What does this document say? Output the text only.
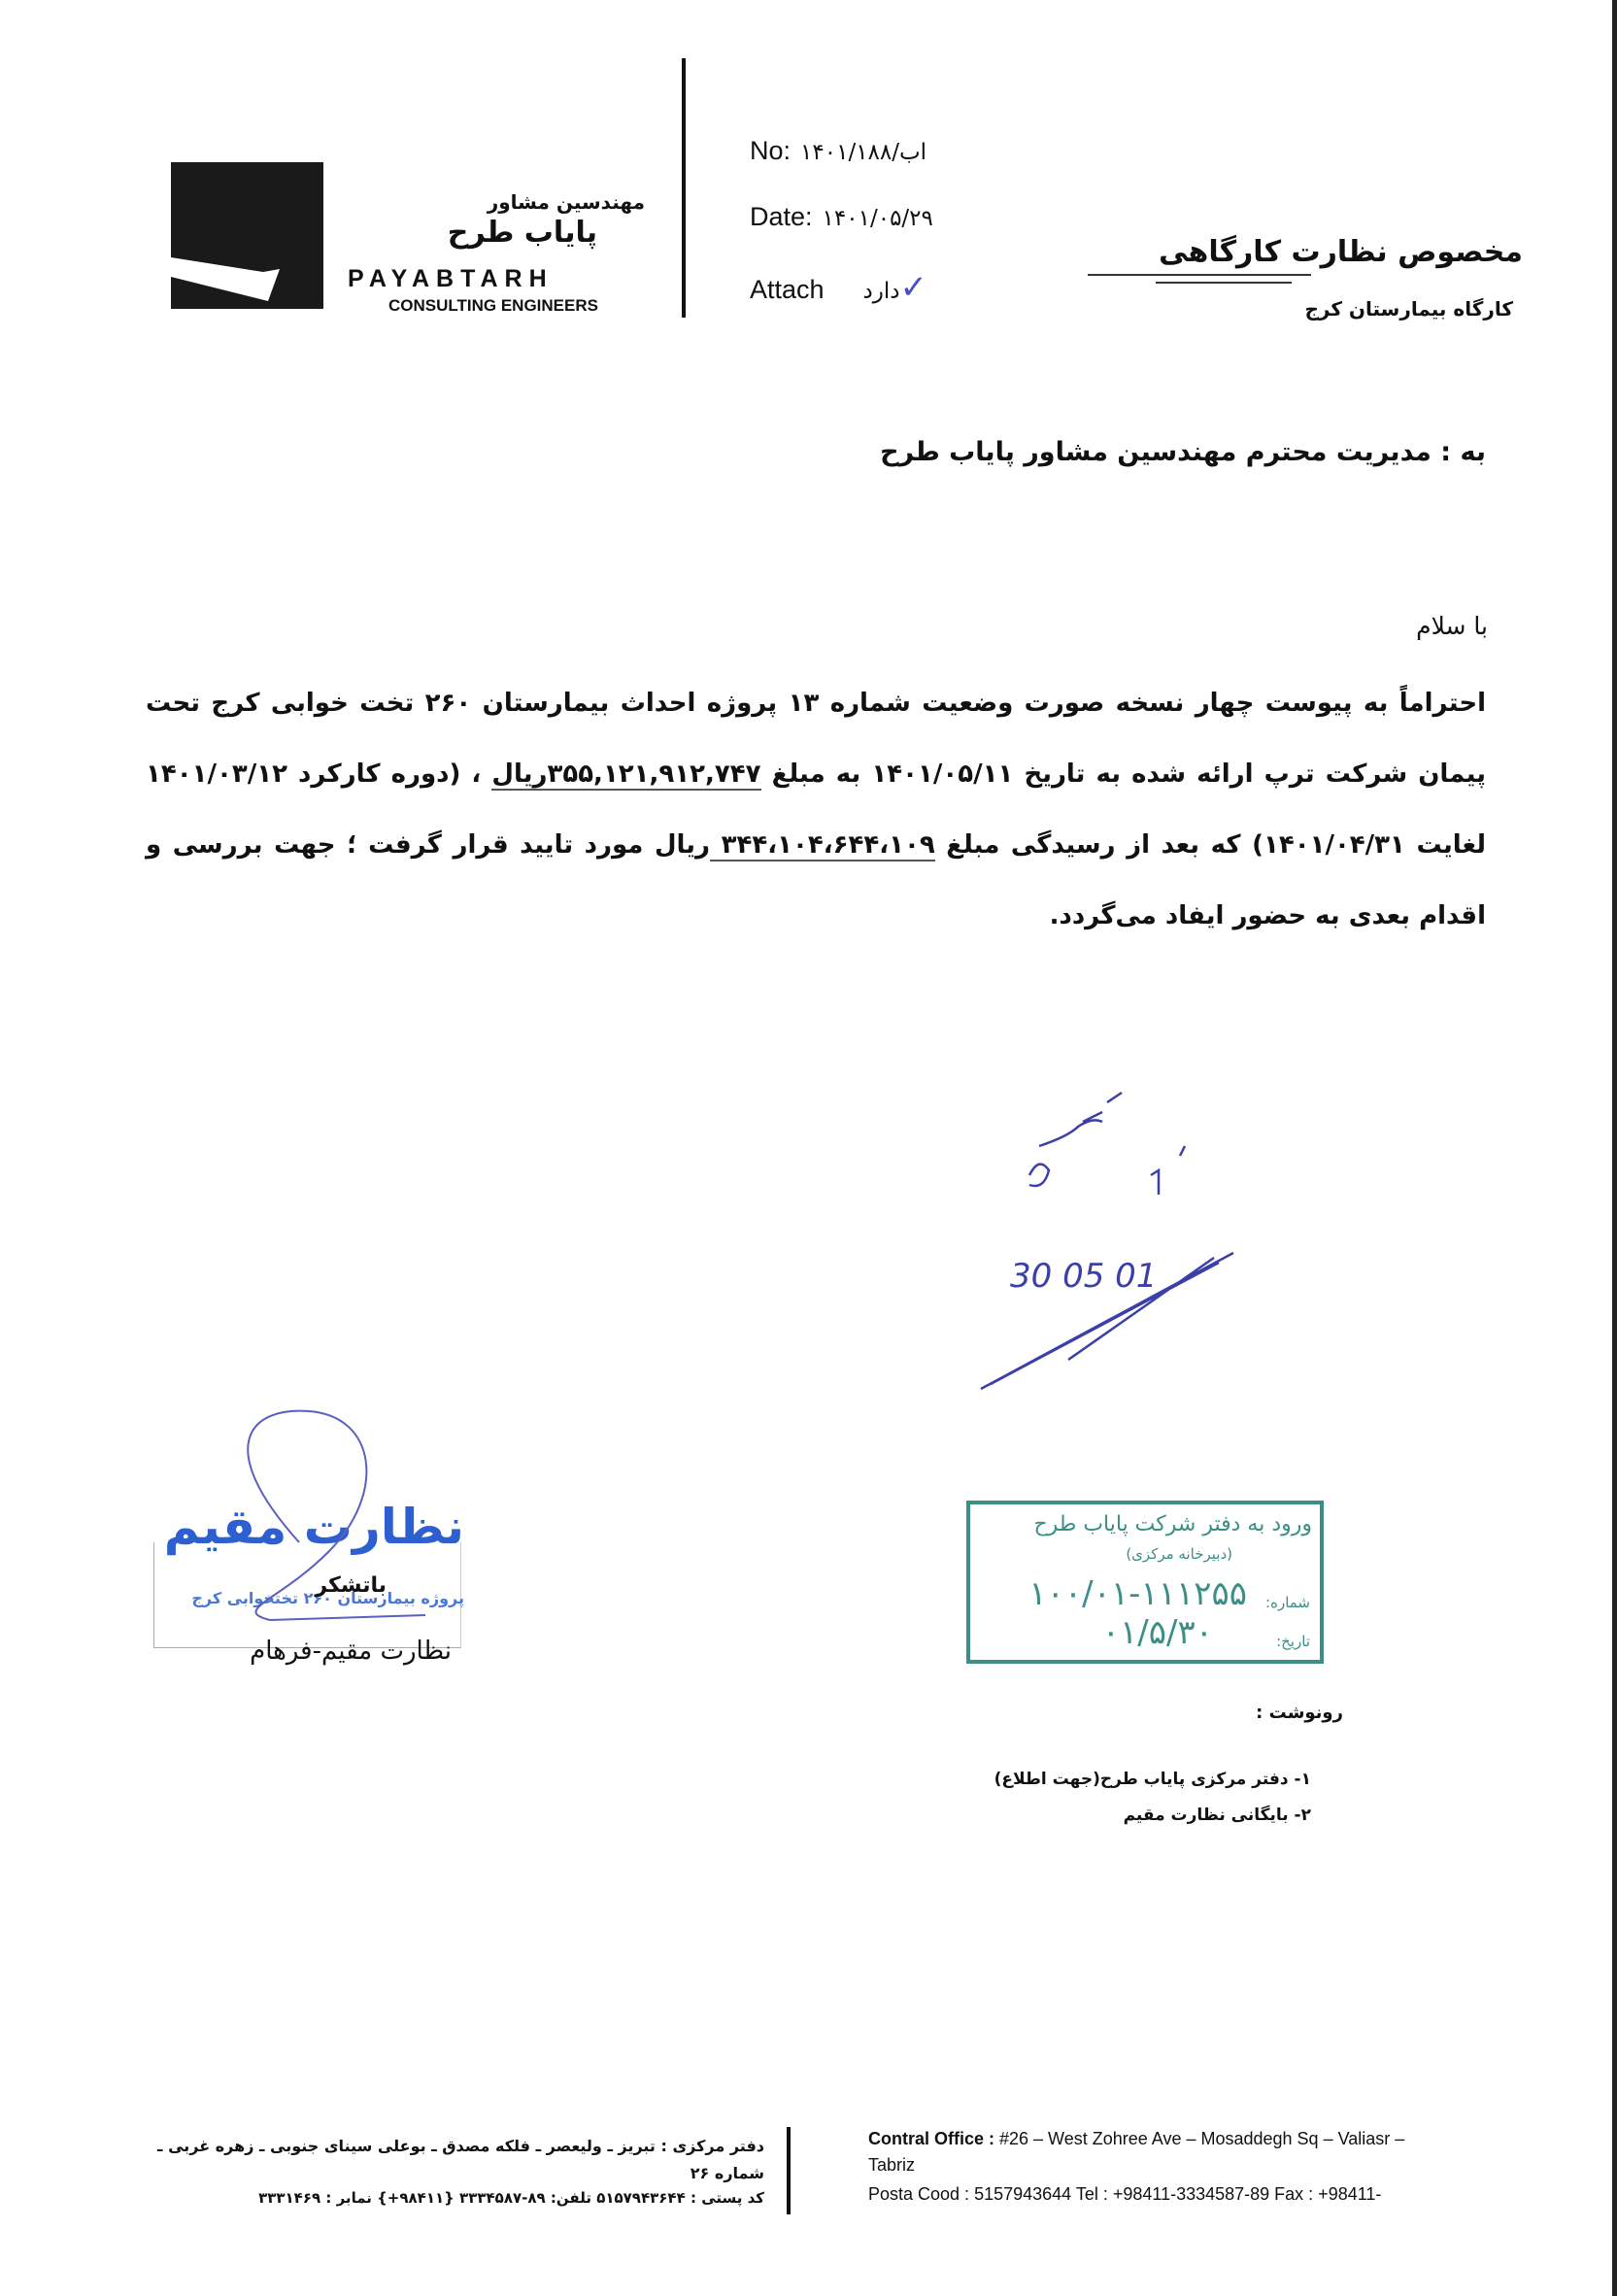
مهندسین مشاور
پایاب طرح
PAYABTARH
CONSULTING ENGINEERS
No: ۱۴۰۱/اب/۱۸۸
Date: ۱۴۰۱/۰۵/۲۹
Attach دارد✓
مخصوص نظارت کارگاهی
کارگاه بیمارستان کرج
به : مدیریت محترم مهندسین مشاور پایاب طرح
با سلام
احتراماً به پیوست چهار نسخه صورت وضعیت شماره ۱۳ پروژه احداث بیمارستان ۲۶۰ تخت خوابی کرج تحت پیمان شرکت ترپ ارائه شده به تاریخ ۱۴۰۱/۰۵/۱۱ به مبلغ ۳۵۵,۱۲۱,۹۱۲,۷۴۷ریال ، (دوره کارکرد ۱۴۰۱/۰۳/۱۲ لغایت ۱۴۰۱/۰۴/۳۱) که بعد از رسیدگی مبلغ ۳۴۴،۱۰۴،۶۴۴،۱۰۹ ریال مورد تایید قرار گرفت ؛ جهت بررسی و اقدام بعدی به حضور ایفاد می‌گردد.
30 05 01
نظارت مقیم
پروژه بیمارستان ۲۶۰ تختخوابی کرج
باتشکر
نظارت مقیم-فرهام
ورود به دفتر شرکت پایاب طرح
(دبیرخانه مرکزی)
شماره:
۱۰۰/۰۱-۱۱۱۲۵۵
تاریخ:
۰۱/۵/۳۰
رونوشت :
۱- دفتر مرکزی پایاب طرح(جهت اطلاع)
۲- بایگانی نظارت مقیم
دفتر مرکزی : تبریز ـ ولیعصر ـ فلکه مصدق ـ بوعلی سینای جنوبی ـ زهره غربی ـ
شماره ۲۶
کد پستی : ۵۱۵۷۹۴۳۶۴۴ تلفن: ۸۹-۳۳۳۴۵۸۷ {۹۸۴۱۱+} نمابر : ۳۳۳۱۴۶۹
Contral Office : #26 – West Zohree Ave – Mosaddegh Sq – Valiasr –
Tabriz
Posta Cood : 5157943644 Tel : +98411-3334587-89 Fax : +98411-
